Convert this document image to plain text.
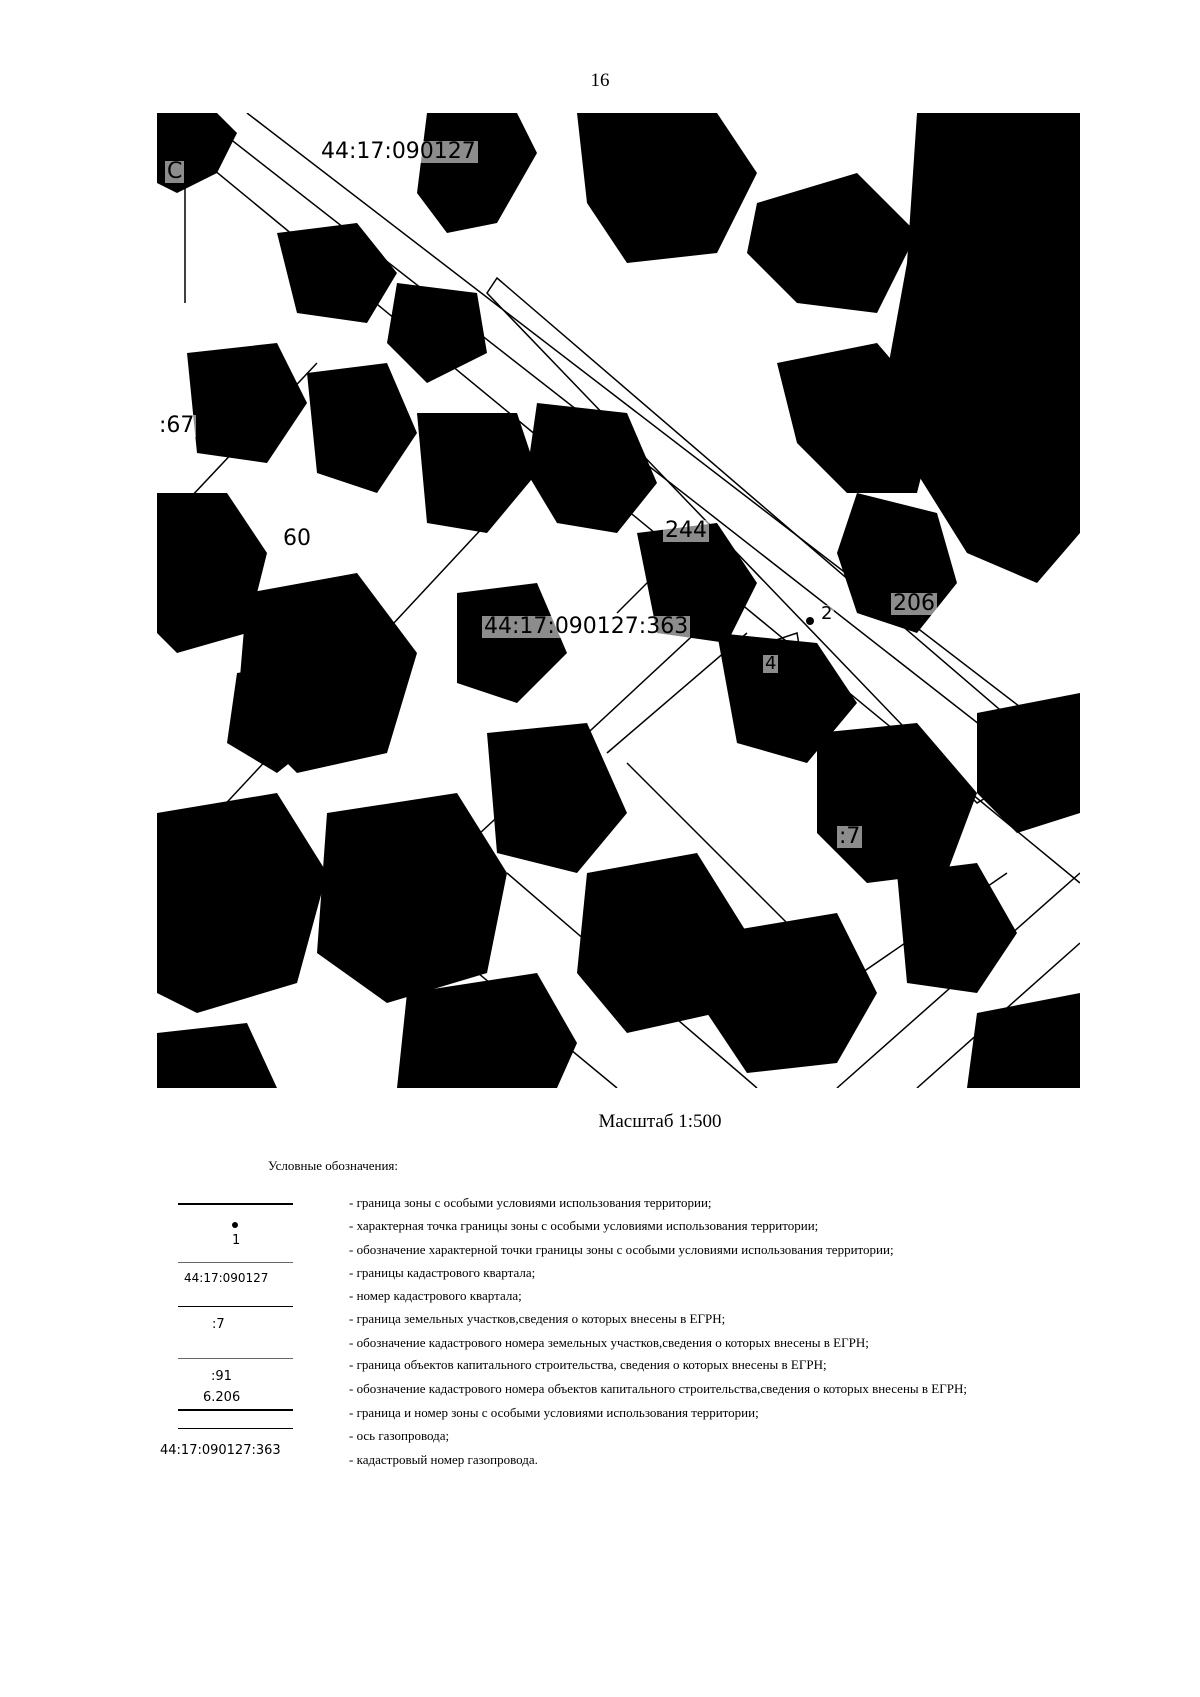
16
44:17:090127
C
:67
60	244
44:17:090127:363
2	206
4
:7
Масштаб 1:500
Условные обозначения:
1
44:17:090127
:7
:91
6.206
44:17:090127:363
- граница зоны с особыми условиями использования территории;
- характерная точка границы зоны с особыми условиями использования территории;
- обозначение характерной точки границы зоны с особыми условиями использования территории;
- границы кадастрового квартала;
- номер кадастрового квартала;
- граница земельных участков,сведения о которых внесены в ЕГРН;
- обозначение кадастрового номера земельных участков,сведения о которых внесены в ЕГРН;
- граница объектов капитального строительства, сведения о которых внесены в ЕГРН;
- обозначение кадастрового номера объектов капитального строительства,сведения о которых внесены в ЕГРН;
- граница и номер зоны с особыми условиями использования территории;
- ось газопровода;
- кадастровый номер газопровода.
